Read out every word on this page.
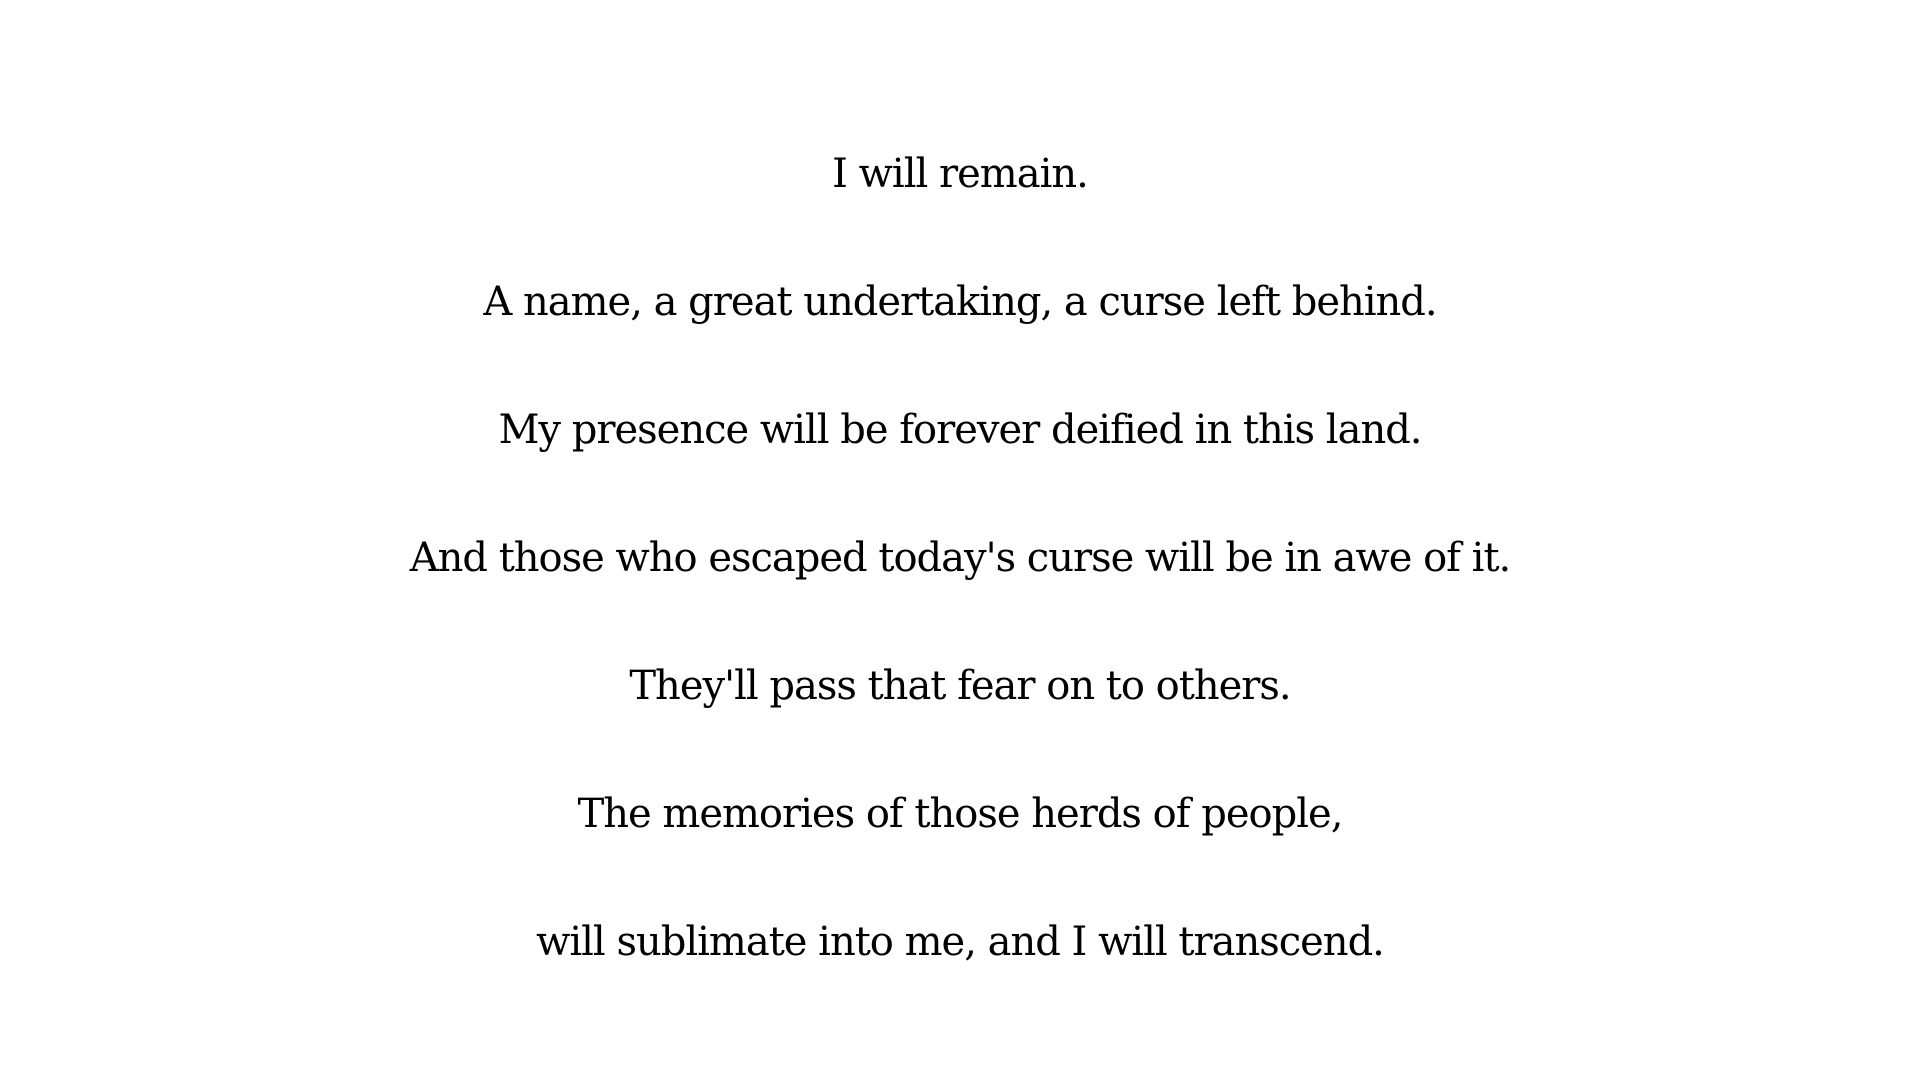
I will remain.
A name, a great undertaking, a curse left behind.
My presence will be forever deified in this land.
And those who escaped today's curse will be in awe of it.
They'll pass that fear on to others.
The memories of those herds of people,
will sublimate into me, and I will transcend.
